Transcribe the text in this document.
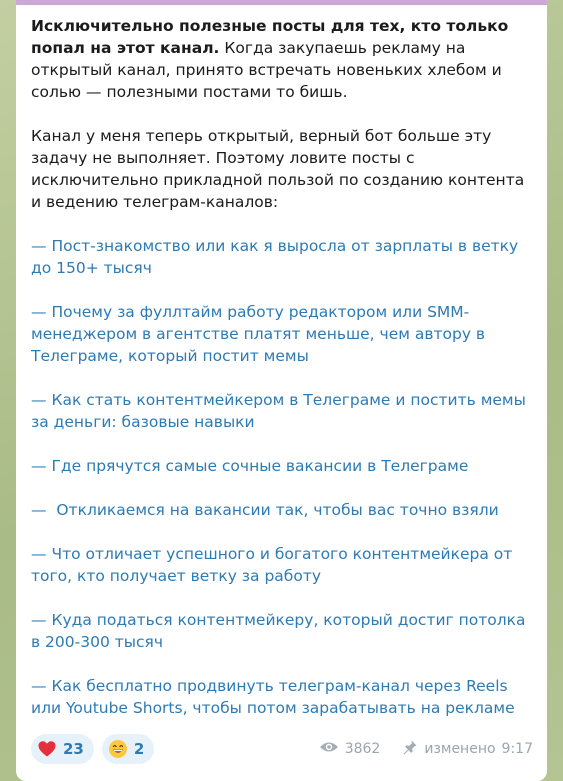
Исключительно полезные посты для тех, кто только попал на этот канал. Когда закупаешь рекламу на открытый канал, принято встречать новеньких хлебом и солью — полезными постами то бишь.

Канал у меня теперь открытый, верный бот больше эту задачу не выполняет. Поэтому ловите посты с исключительно прикладной пользой по созданию контента и ведению телеграм-каналов:

— Пост-знакомство или как я выросла от зарплаты в ветку до 150+ тысяч

— Почему за фуллтайм работу редактором или SMM-менеджером в агентстве платят меньше, чем автору в Телеграме, который постит мемы

— Как стать контентмейкером в Телеграме и постить мемы за деньги: базовые навыки

— Где прячутся самые сочные вакансии в Телеграме

— Откликаемся на вакансии так, чтобы вас точно взяли

— Что отличает успешного и богатого контентмейкера от того, кто получает ветку за работу

— Куда податься контентмейкеру, который достиг потолка в 200-300 тысяч

— Как бесплатно продвинуть телеграм-канал через Reels или Youtube Shorts, чтобы потом зарабатывать на рекламе

23	2	3862	изменено 9:17
